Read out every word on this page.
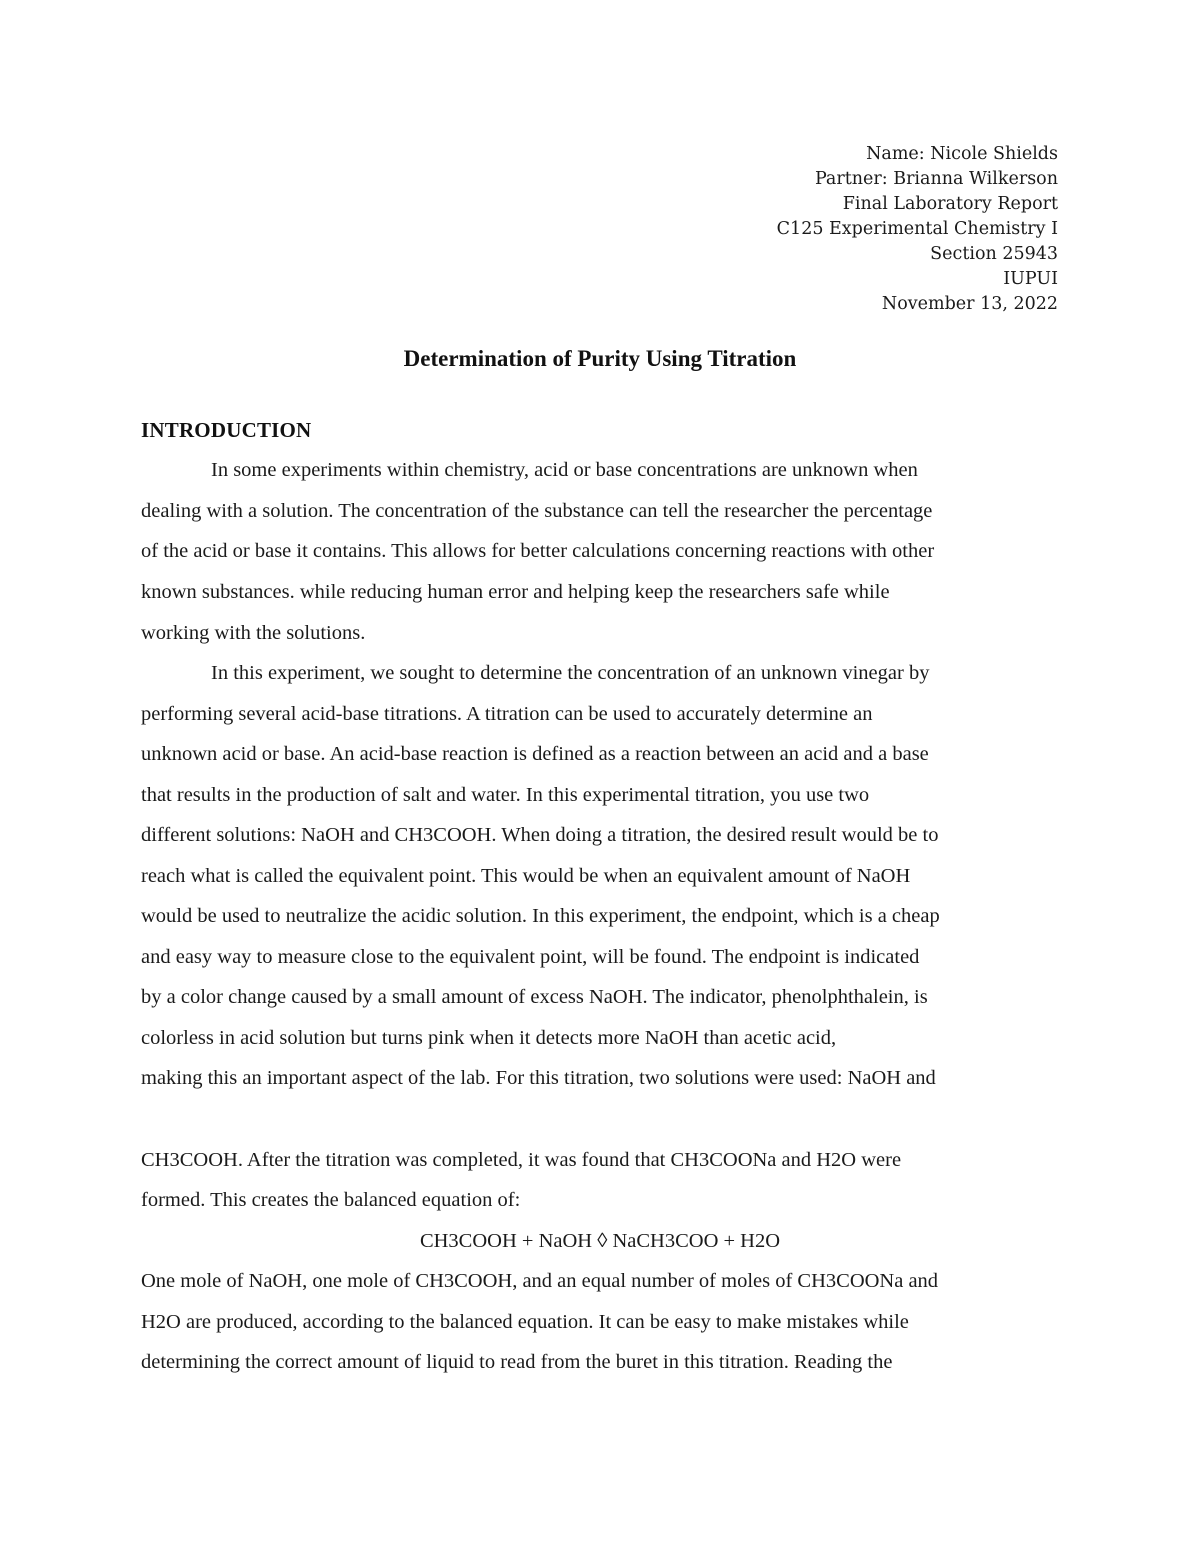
Name: Nicole Shields
Partner: Brianna Wilkerson
Final Laboratory Report
C125 Experimental Chemistry I
Section 25943
IUPUI
November 13, 2022
Determination of Purity Using Titration
INTRODUCTION
In some experiments within chemistry, acid or base concentrations are unknown when
dealing with a solution. The concentration of the substance can tell the researcher the percentage
of the acid or base it contains. This allows for better calculations concerning reactions with other
known substances. while reducing human error and helping keep the researchers safe while
working with the solutions.
In this experiment, we sought to determine the concentration of an unknown vinegar by
performing several acid-base titrations. A titration can be used to accurately determine an
unknown acid or base. An acid-base reaction is defined as a reaction between an acid and a base
that results in the production of salt and water. In this experimental titration, you use two
different solutions: NaOH and CH3COOH. When doing a titration, the desired result would be to
reach what is called the equivalent point. This would be when an equivalent amount of NaOH
would be used to neutralize the acidic solution. In this experiment, the endpoint, which is a cheap
and easy way to measure close to the equivalent point, will be found. The endpoint is indicated
by a color change caused by a small amount of excess NaOH. The indicator, phenolphthalein, is
colorless in acid solution but turns pink when it detects more NaOH than acetic acid,
making this an important aspect of the lab. For this titration, two solutions were used: NaOH and
CH3COOH. After the titration was completed, it was found that CH3COONa and H2O were
formed. This creates the balanced equation of:
CH3COOH + NaOH ◊ NaCH3COO + H2O
One mole of NaOH, one mole of CH3COOH, and an equal number of moles of CH3COONa and
H2O are produced, according to the balanced equation. It can be easy to make mistakes while
determining the correct amount of liquid to read from the buret in this titration. Reading the
